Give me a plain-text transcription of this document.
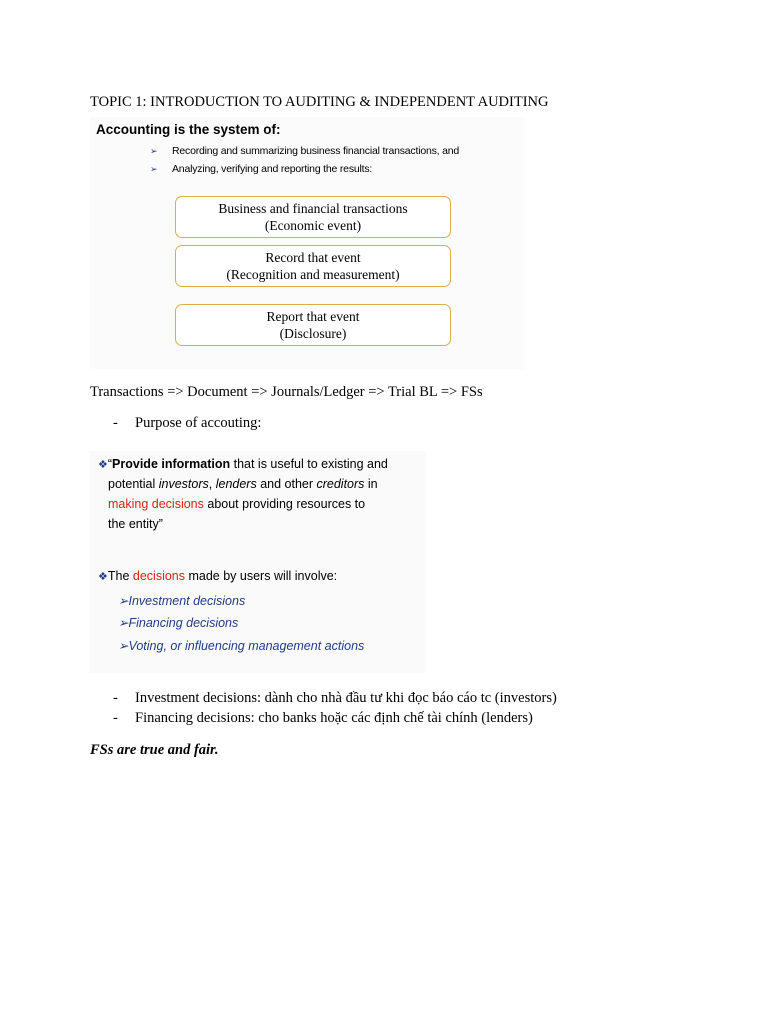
TOPIC 1: INTRODUCTION TO AUDITING & INDEPENDENT AUDITING
Accounting is the system of:
➢ Recording and summarizing business financial transactions, and
➢ Analyzing, verifying and reporting the results:
Business and financial transactions
(Economic event)
Record that event
(Recognition and measurement)
Report that event
(Disclosure)
Transactions => Document => Journals/Ledger => Trial BL => FSs
- Purpose of accouting:
❖“Provide information that is useful to existing and
potential investors, lenders and other creditors in
making decisions about providing resources to
the entity”
❖The decisions made by users will involve:
➢Investment decisions
➢Financing decisions
➢Voting, or influencing management actions
- Investment decisions: dành cho nhà đầu tư khi đọc báo cáo tc (investors)
- Financing decisions: cho banks hoặc các định chế tài chính (lenders)
FSs are true and fair.
